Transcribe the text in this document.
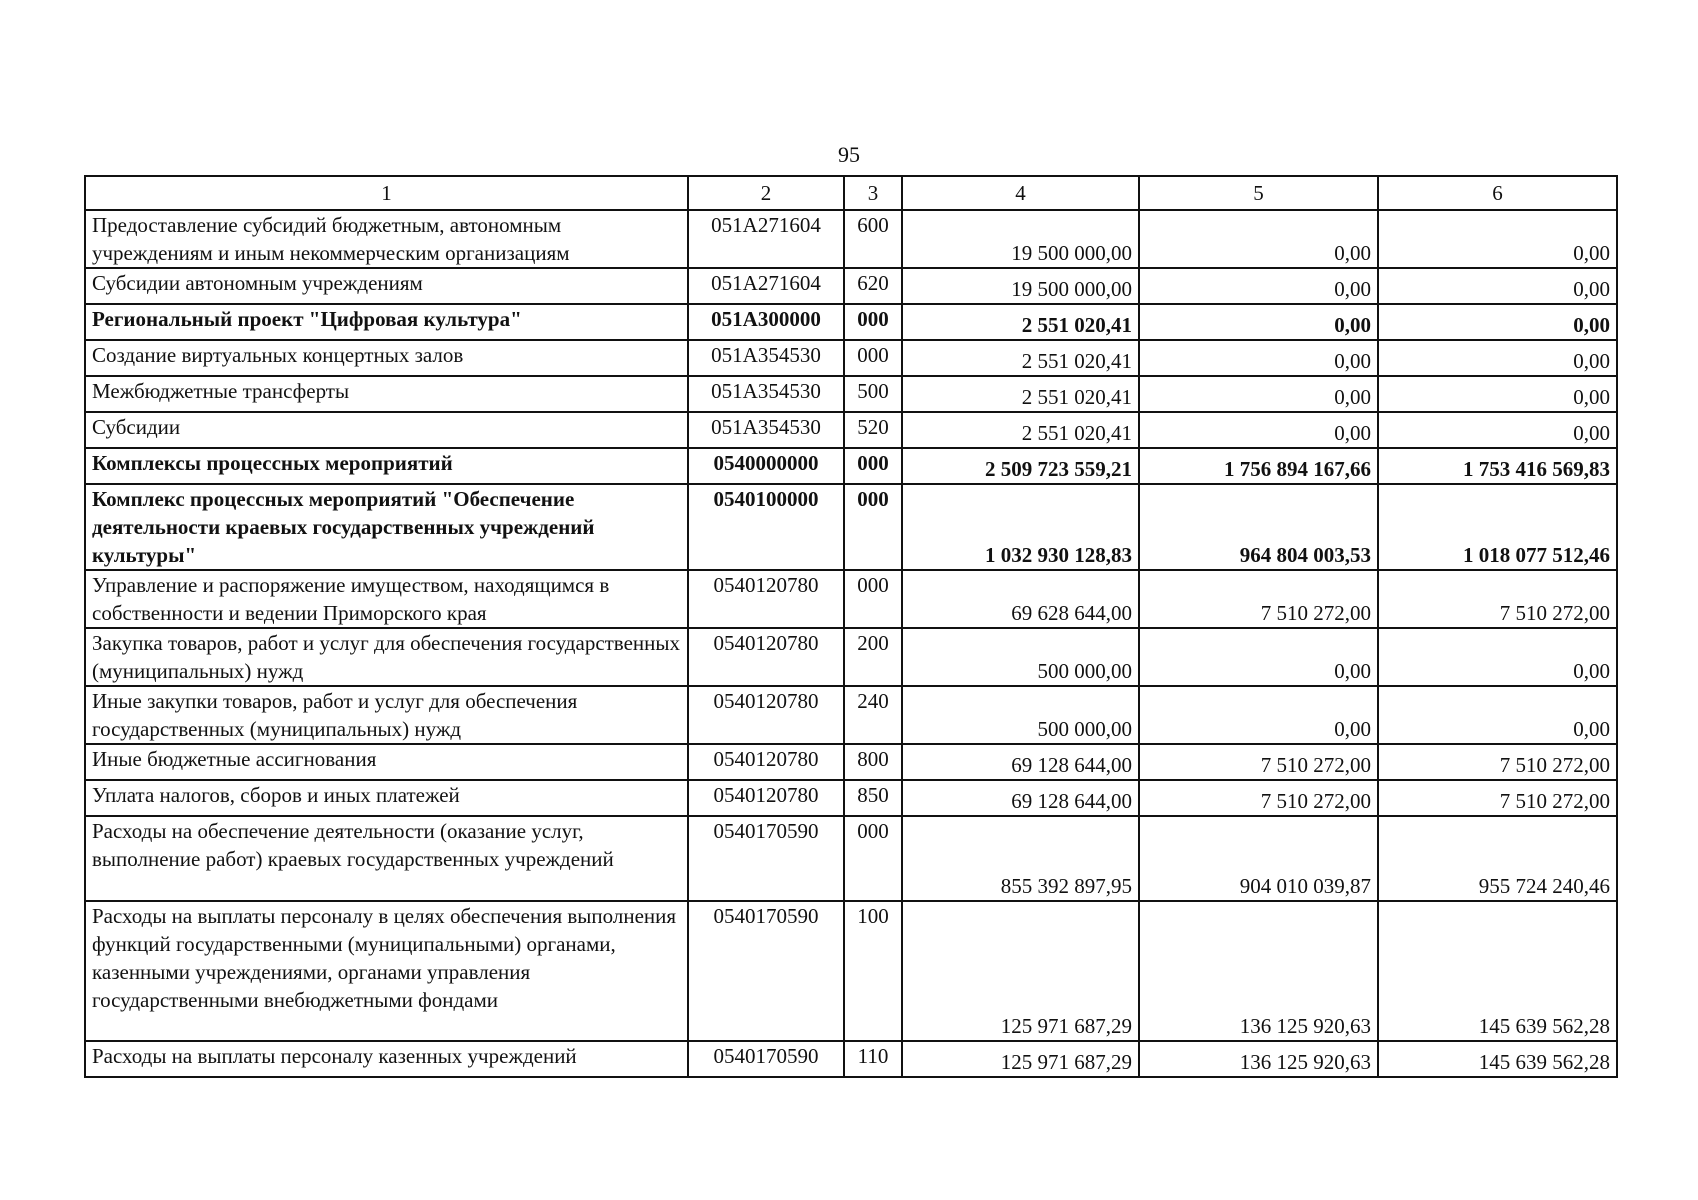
95
1	2	3	4	5	6
Предоставление субсидий бюджетным, автономным учреждениям и иным некоммерческим организациям	051A271604	600	19 500 000,00	0,00	0,00
Субсидии автономным учреждениям	051A271604	620	19 500 000,00	0,00	0,00
Региональный проект "Цифровая культура"	051A300000	000	2 551 020,41	0,00	0,00
Создание виртуальных концертных залов	051A354530	000	2 551 020,41	0,00	0,00
Межбюджетные трансферты	051A354530	500	2 551 020,41	0,00	0,00
Субсидии	051A354530	520	2 551 020,41	0,00	0,00
Комплексы процессных мероприятий	0540000000	000	2 509 723 559,21	1 756 894 167,66	1 753 416 569,83
Комплекс процессных мероприятий "Обеспечение деятельности краевых государственных учреждений культуры"	0540100000	000	1 032 930 128,83	964 804 003,53	1 018 077 512,46
Управление и распоряжение имуществом, находящимся в собственности и ведении Приморского края	0540120780	000	69 628 644,00	7 510 272,00	7 510 272,00
Закупка товаров, работ и услуг для обеспечения государственных (муниципальных) нужд	0540120780	200	500 000,00	0,00	0,00
Иные закупки товаров, работ и услуг для обеспечения государственных (муниципальных) нужд	0540120780	240	500 000,00	0,00	0,00
Иные бюджетные ассигнования	0540120780	800	69 128 644,00	7 510 272,00	7 510 272,00
Уплата налогов, сборов и иных платежей	0540120780	850	69 128 644,00	7 510 272,00	7 510 272,00
Расходы на обеспечение деятельности (оказание услуг, выполнение работ) краевых государственных учреждений	0540170590	000	855 392 897,95	904 010 039,87	955 724 240,46
Расходы на выплаты персоналу в целях обеспечения выполнения функций государственными (муниципальными) органами, казенными учреждениями, органами управления государственными внебюджетными фондами	0540170590	100	125 971 687,29	136 125 920,63	145 639 562,28
Расходы на выплаты персоналу казенных учреждений	0540170590	110	125 971 687,29	136 125 920,63	145 639 562,28
